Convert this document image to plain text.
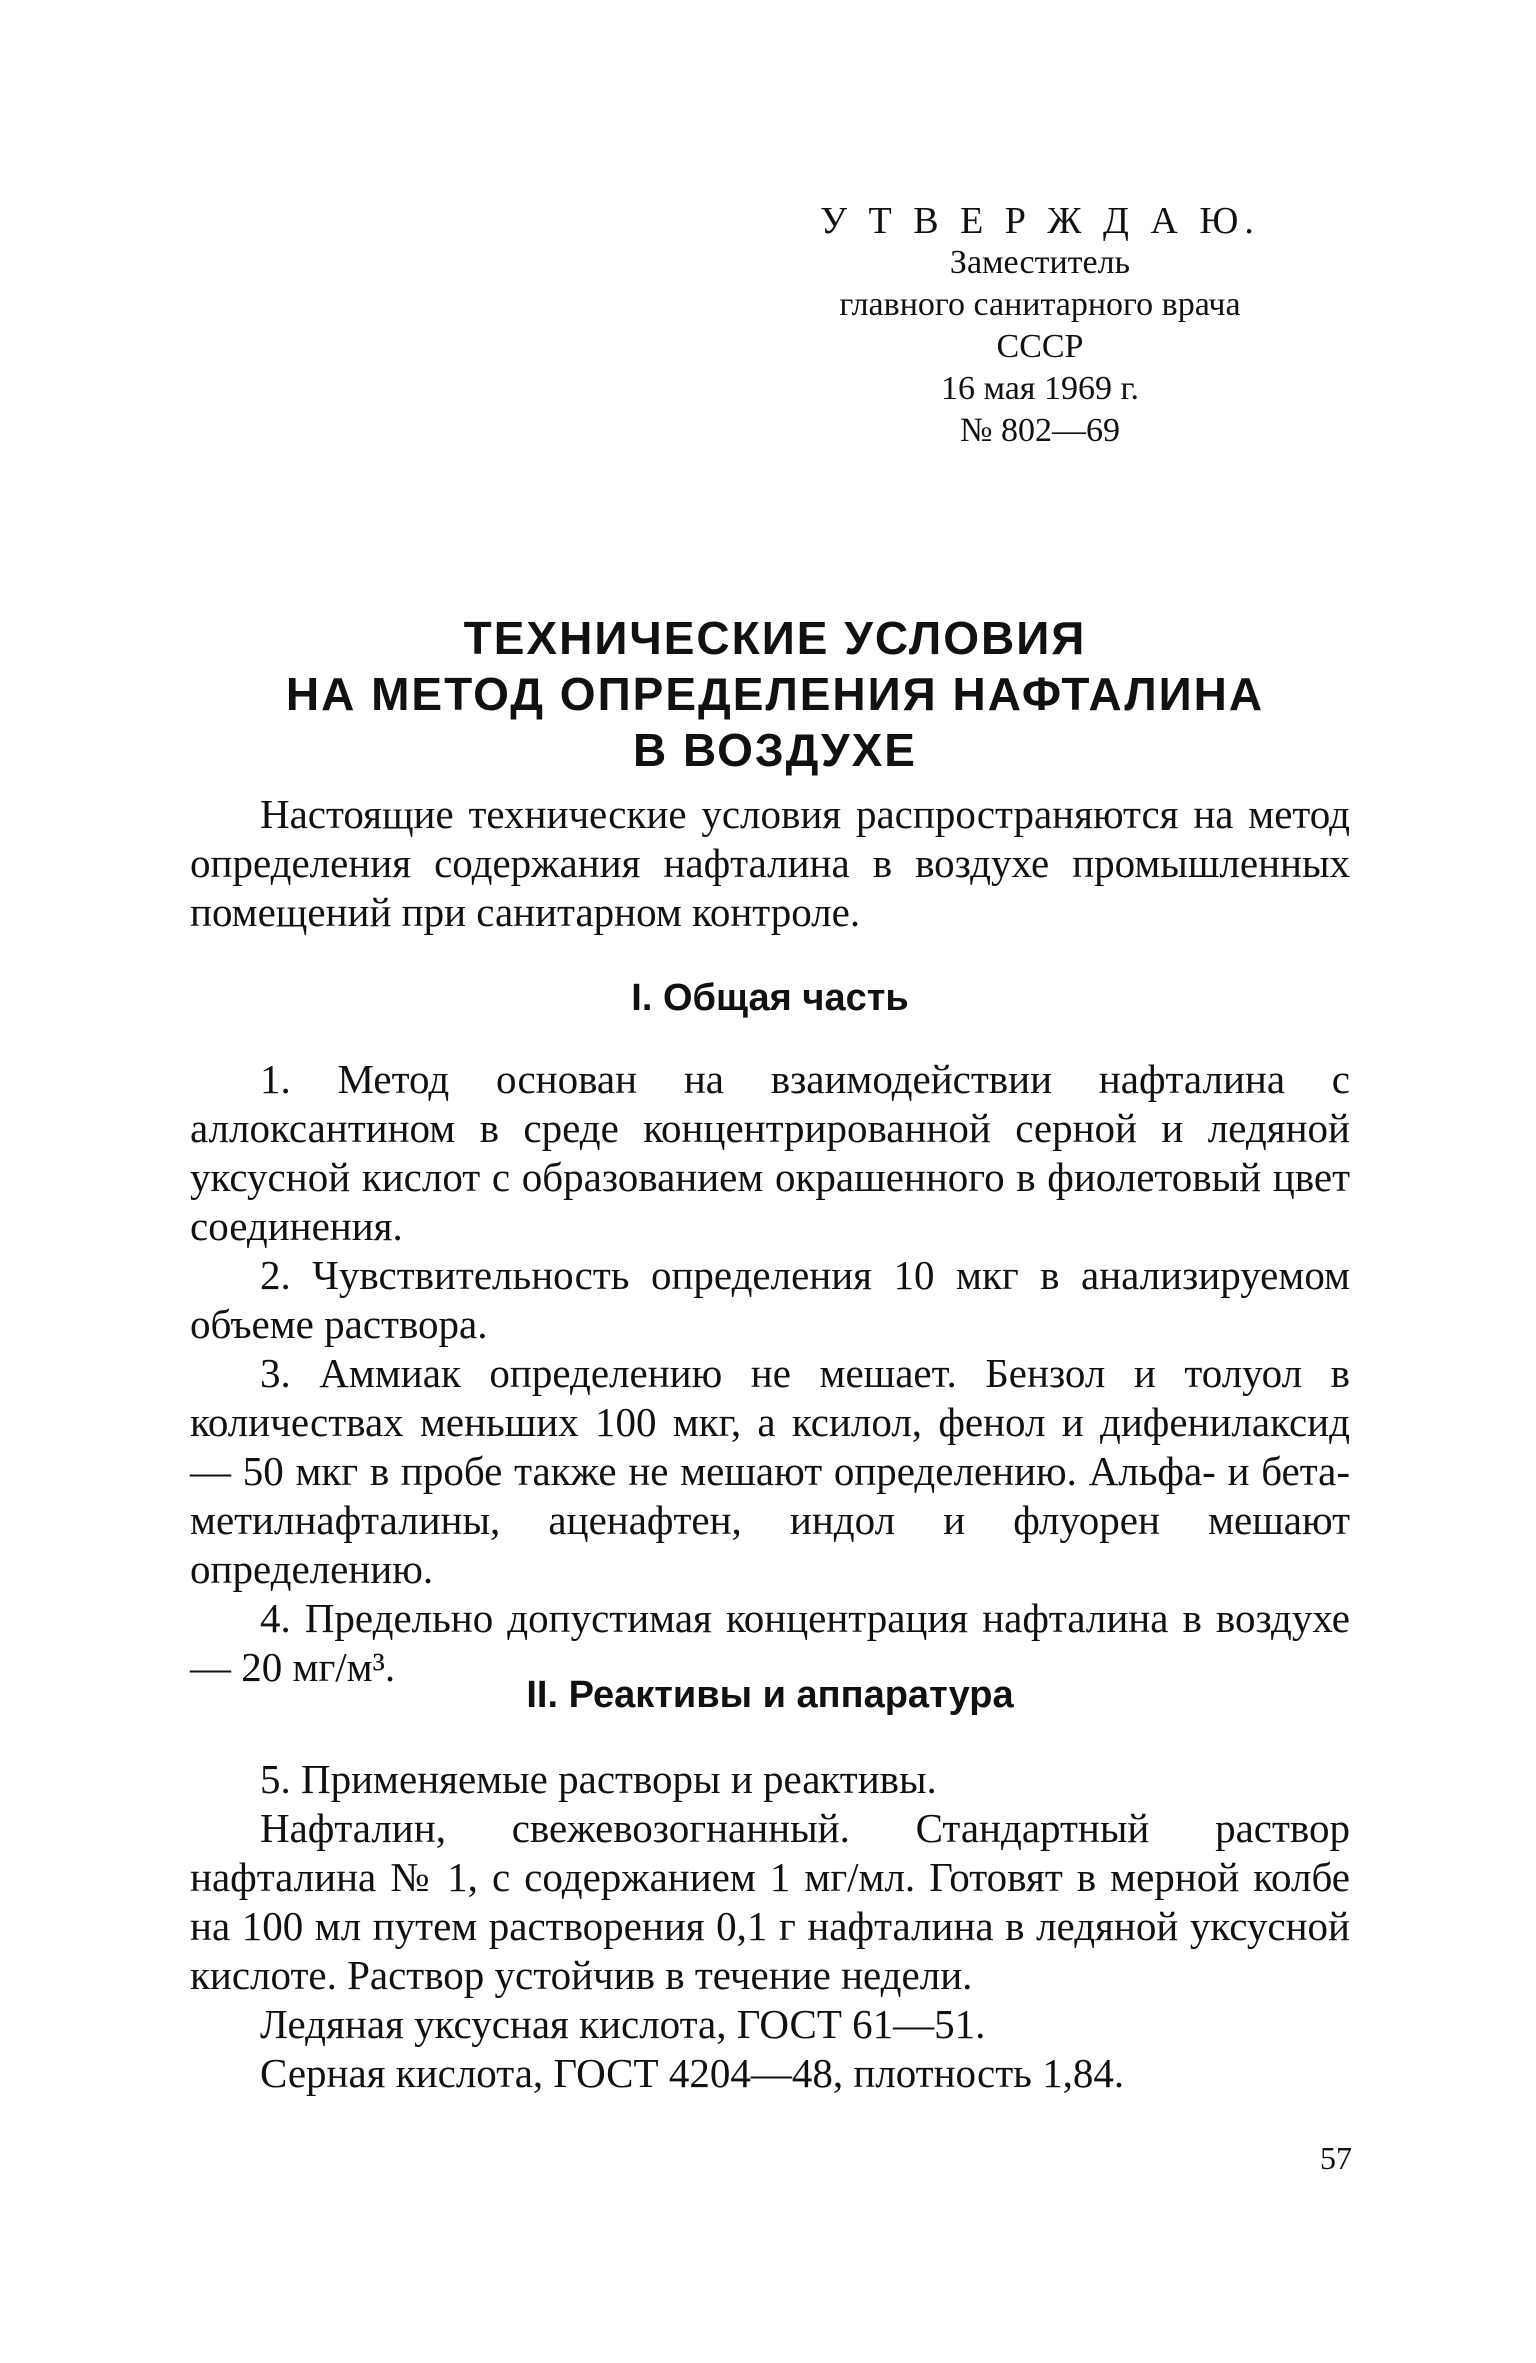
У Т В Е Р Ж Д А Ю.
Заместитель
главного санитарного врача
СССР
16 мая 1969 г.
№ 802—69
ТЕХНИЧЕСКИЕ УСЛОВИЯ
НА МЕТОД ОПРЕДЕЛЕНИЯ НАФТАЛИНА
В ВОЗДУХЕ

Настоящие технические условия распространяются на метод определения содержания нафталина в воздухе промышленных помещений при санитарном контроле.

I. Общая часть

1. Метод основан на взаимодействии нафталина с аллоксантином в среде концентрированной серной и ледяной уксусной кислот с образованием окрашенного в фиолетовый цвет соединения.

2. Чувствительность определения 10 мкг в анализируемом объеме раствора.

3. Аммиак определению не мешает. Бензол и толуол в количествах меньших 100 мкг, а ксилол, фенол и дифенилаксид — 50 мкг в пробе также не мешают определению. Альфа- и бета-метилнафталины, аценафтен, индол и флуорен мешают определению.

4. Предельно допустимая концентрация нафталина в воздухе — 20 мг/м³.

II. Реактивы и аппаратура

5. Применяемые растворы и реактивы.

Нафталин, свежевозогнанный. Стандартный раствор нафталина № 1, с содержанием 1 мг/мл. Готовят в мерной колбе на 100 мл путем растворения 0,1 г нафталина в ледяной уксусной кислоте. Раствор устойчив в течение недели.

Ледяная уксусная кислота, ГОСТ 61—51.

Серная кислота, ГОСТ 4204—48, плотность 1,84.

57
